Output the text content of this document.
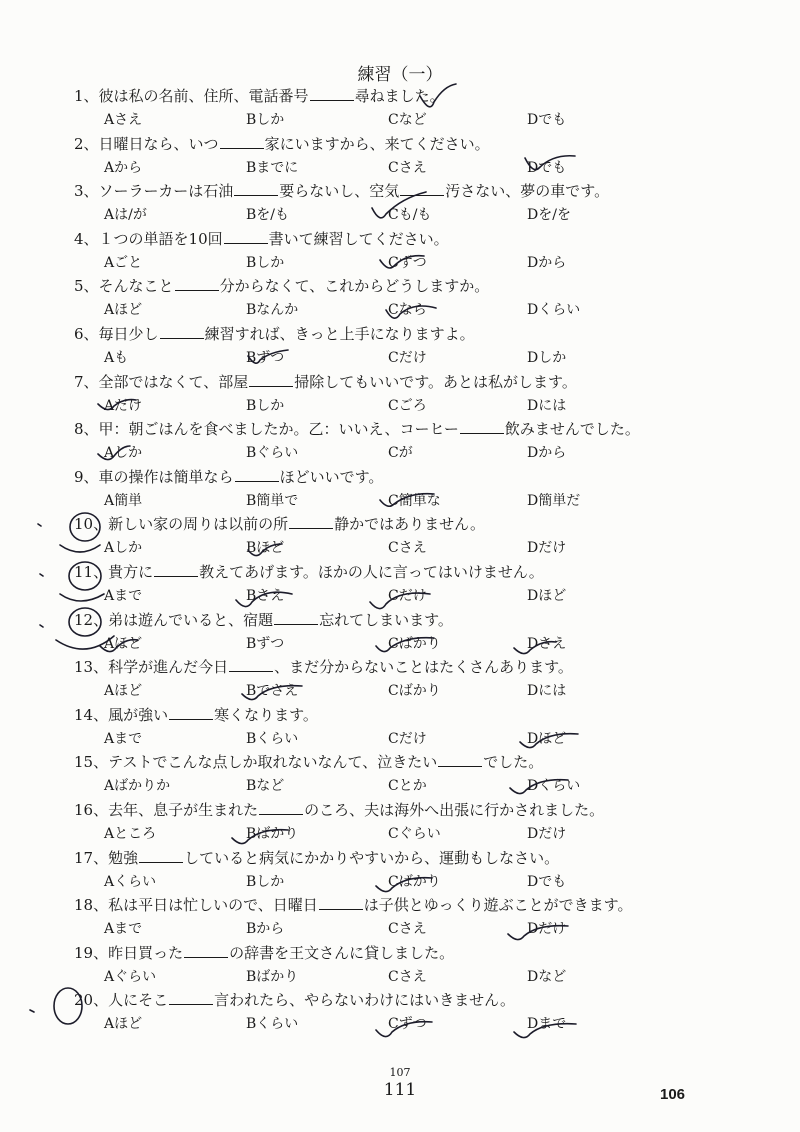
練習（一）
1、彼は私の名前、住所、電話番号	尋ねました。
Aさえ	Bしか	Cなど	Dでも
2、日曜日なら、いつ	家にいますから、来てください。
Aから	Bまでに	Cさえ	Dでも
3、ソーラーカーは石油	要らないし、空気	汚さない、夢の車です。
Aは/が	Bを/も	Cも/も	Dを/を
4、１つの単語を10回	書いて練習してください。
Aごと	Bしか	Cずつ	Dから
5、そんなこと	分からなくて、これからどうしますか。
Aほど	Bなんか	Cなら	Dくらい
6、毎日少し	練習すれば、きっと上手になりますよ。
Aも	Bずつ	Cだけ	Dしか
7、全部ではなくて、部屋	掃除してもいいです。あとは私がします。
Aだけ	Bしか	Cごろ	Dには
8、甲：朝ごはんを食べましたか。乙：いいえ、コーヒー	飲みませんでした。
Aしか	Bぐらい	Cが	Dから
9、車の操作は簡単なら	ほどいいです。
A簡単	B簡単で	C簡単な	D簡単だ
10、新しい家の周りは以前の所	静かではありません。
Aしか	Bほど	Cさえ	Dだけ
11、貴方に	教えてあげます。ほかの人に言ってはいけません。
Aまで	Bさえ	Cだけ	Dほど
12、弟は遊んでいると、宿題	忘れてしまいます。
Aほど	Bずつ	Cばかり	Dさえ
13、科学が進んだ今日	、まだ分からないことはたくさんあります。
Aほど	Bでさえ	Cばかり	Dには
14、風が強い	寒くなります。
Aまで	Bくらい	Cだけ	Dほど
15、テストでこんな点しか取れないなんて、泣きたい	でした。
Aばかりか	Bなど	Cとか	Dくらい
16、去年、息子が生まれた	のころ、夫は海外へ出張に行かされました。
Aところ	Bばかり	Cぐらい	Dだけ
17、勉強	していると病気にかかりやすいから、運動もしなさい。
Aくらい	Bしか	Cばかり	Dでも
18、私は平日は忙しいので、日曜日	は子供とゆっくり遊ぶことができます。
Aまで	Bから	Cさえ	Dだけ
19、昨日買った	の辞書を王文さんに貸しました。
Aぐらい	Bばかり	Cさえ	Dなど
20、人にそこ	言われたら、やらないわけにはいきません。
Aほど	Bくらい	Cずつ	Dまで
107
111	106
